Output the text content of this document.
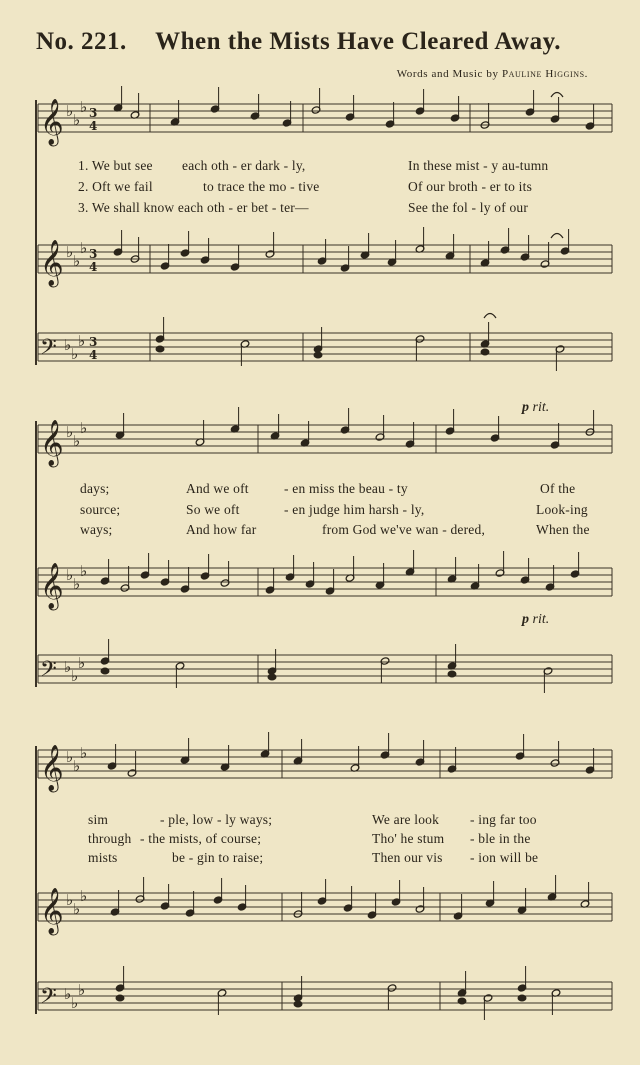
No. 221. When the Mists Have Cleared Away.
Words and Music by Pauline Higgins.
𝄞 ♭ ♭
♭ 3
4
𝄞 ♭ ♭
♭ 3
4
𝄢 ♭ ♭
♭ 3
4
𝄞 ♭ ♭
♭
𝄞 ♭ ♭
♭
𝄢 ♭ ♭
♭
𝄞 ♭ ♭
♭
𝄞 ♭ ♭
♭
𝄢 ♭ ♭
♭
p rit.
p rit.
1. We but see each oth - er dark - ly,	In these mist - y au-tumn
2. Oft we fail	to trace the mo - tive	Of our broth - er to its
3. We shall know each oth - er bet - ter—	See the fol - ly of our
days;	And we oft	- en miss the beau - ty	Of the
source;	So we oft	- en judge him harsh - ly,	Look-ing
ways;	And how far	from God we've wan - dered,	When the
sim	- ple, low - ly ways;	We are look - ing far too
through - the mists, of course;	Tho' he stum - ble in the
mists	be - gin to raise;	Then our vis - ion will be
